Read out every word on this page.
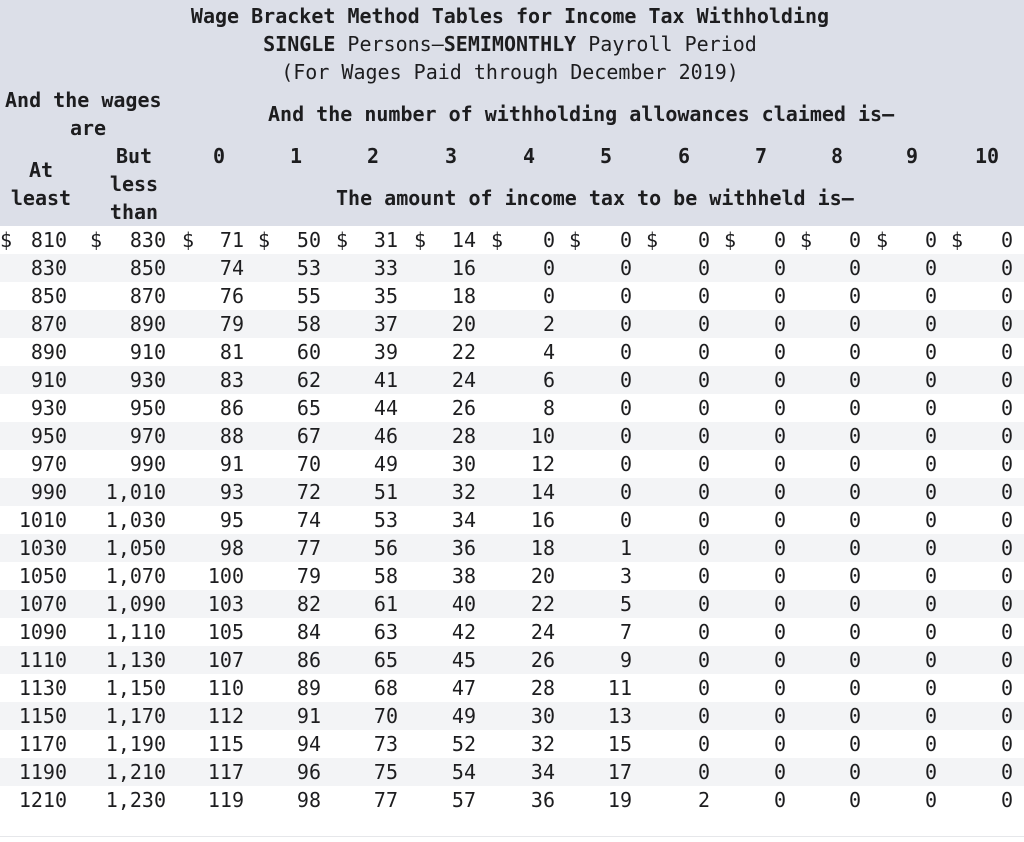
Wage Bracket Method Tables for Income Tax Withholding
SINGLE Persons–SEMIMONTHLY Payroll Period
(For Wages Paid through December 2019)
And the wages
are
And the number of withholding allowances claimed is–
At
least
But
less
than
0	1	2	3	4	5	6	7	8	9	10
The amount of income tax to be withheld is–
$	$	$	$	$	$	$	$	$	$	$	$	$
810	830	71	50	31	14	0	0	0	0	0	0	0
830	850	74	53	33	16	0	0	0	0	0	0	0
850	870	76	55	35	18	0	0	0	0	0	0	0
870	890	79	58	37	20	2	0	0	0	0	0	0
890	910	81	60	39	22	4	0	0	0	0	0	0
910	930	83	62	41	24	6	0	0	0	0	0	0
930	950	86	65	44	26	8	0	0	0	0	0	0
950	970	88	67	46	28	10	0	0	0	0	0	0
970	990	91	70	49	30	12	0	0	0	0	0	0
990	1,010	93	72	51	32	14	0	0	0	0	0	0
1010	1,030	95	74	53	34	16	0	0	0	0	0	0
1030	1,050	98	77	56	36	18	1	0	0	0	0	0
1050	1,070	100	79	58	38	20	3	0	0	0	0	0
1070	1,090	103	82	61	40	22	5	0	0	0	0	0
1090	1,110	105	84	63	42	24	7	0	0	0	0	0
1110	1,130	107	86	65	45	26	9	0	0	0	0	0
1130	1,150	110	89	68	47	28	11	0	0	0	0	0
1150	1,170	112	91	70	49	30	13	0	0	0	0	0
1170	1,190	115	94	73	52	32	15	0	0	0	0	0
1190	1,210	117	96	75	54	34	17	0	0	0	0	0
1210	1,230	119	98	77	57	36	19	2	0	0	0	0
